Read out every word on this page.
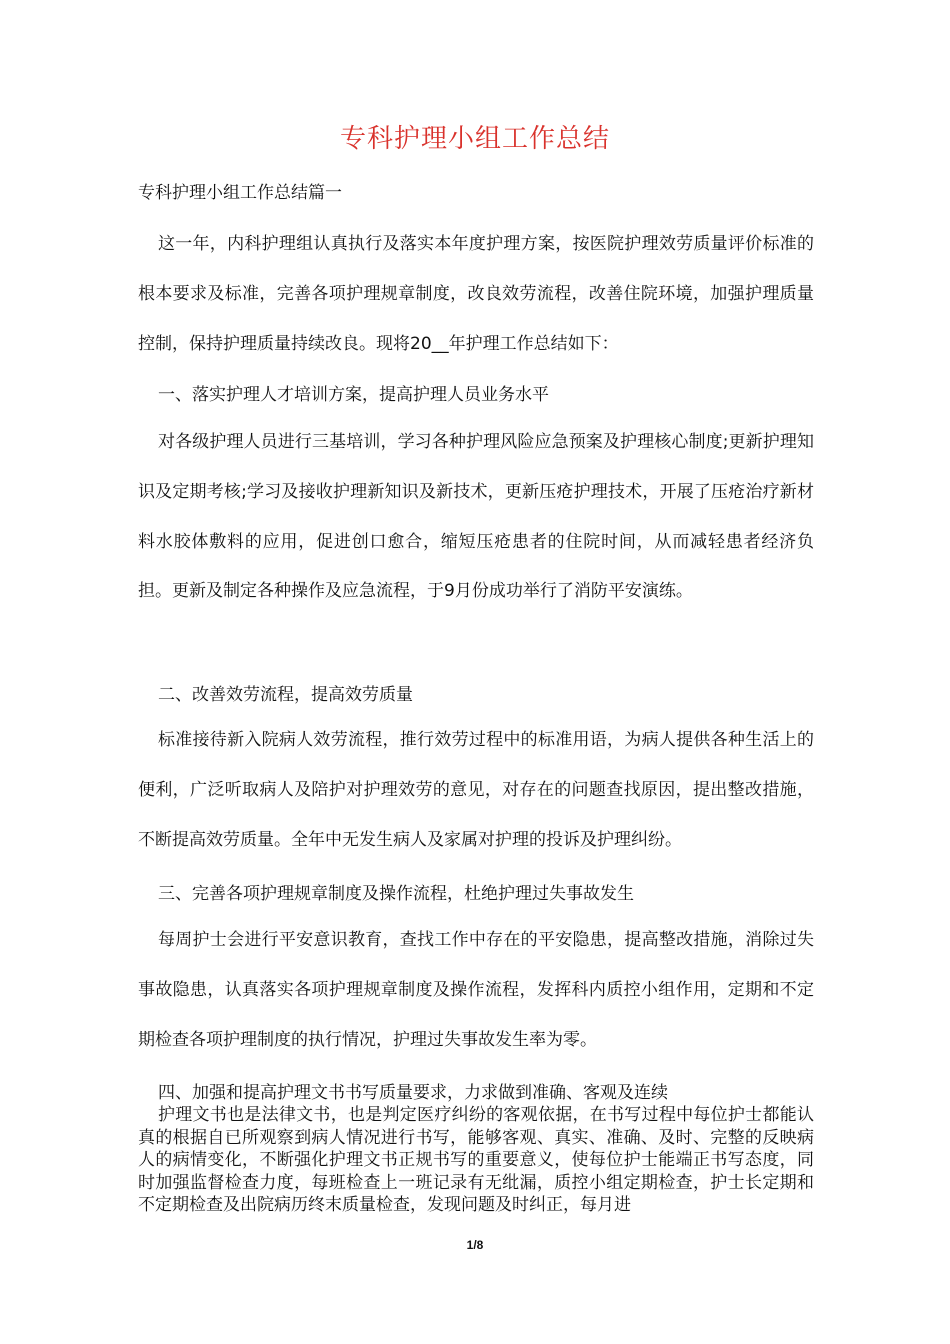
专科护理小组工作总结

专科护理小组工作总结篇一

这一年，内科护理组认真执行及落实本年度护理方案，按医院护理效劳质量评价标准的根本要求及标准，完善各项护理规章制度，改良效劳流程，改善住院环境，加强护理质量控制，保持护理质量持续改良。现将20__年护理工作总结如下：

一、落实护理人才培训方案，提高护理人员业务水平

对各级护理人员进行三基培训，学习各种护理风险应急预案及护理核心制度;更新护理知识及定期考核;学习及接收护理新知识及新技术，更新压疮护理技术，开展了压疮治疗新材料水胶体敷料的应用，促进创口愈合，缩短压疮患者的住院时间，从而减轻患者经济负担。更新及制定各种操作及应急流程，于9月份成功举行了消防平安演练。

二、改善效劳流程，提高效劳质量

标准接待新入院病人效劳流程，推行效劳过程中的标准用语，为病人提供各种生活上的便利，广泛听取病人及陪护对护理效劳的意见，对存在的问题查找原因，提出整改措施，不断提高效劳质量。全年中无发生病人及家属对护理的投诉及护理纠纷。

三、完善各项护理规章制度及操作流程，杜绝护理过失事故发生

每周护士会进行平安意识教育，查找工作中存在的平安隐患，提高整改措施，消除过失事故隐患，认真落实各项护理规章制度及操作流程，发挥科内质控小组作用，定期和不定期检查各项护理制度的执行情况，护理过失事故发生率为零。

四、加强和提高护理文书书写质量要求，力求做到准确、客观及连续

护理文书也是法律文书，也是判定医疗纠纷的客观依据，在书写过程中每位护士都能认真的根据自已所观察到病人情况进行书写，能够客观、真实、准确、及时、完整的反映病人的病情变化，不断强化护理文书正规书写的重要意义，使每位护士能端正书写态度，同时加强监督检查力度，每班检查上一班记录有无纰漏，质控小组定期检查，护士长定期和不定期检查及出院病历终末质量检查，发现问题及时纠正，每月进

1/8
